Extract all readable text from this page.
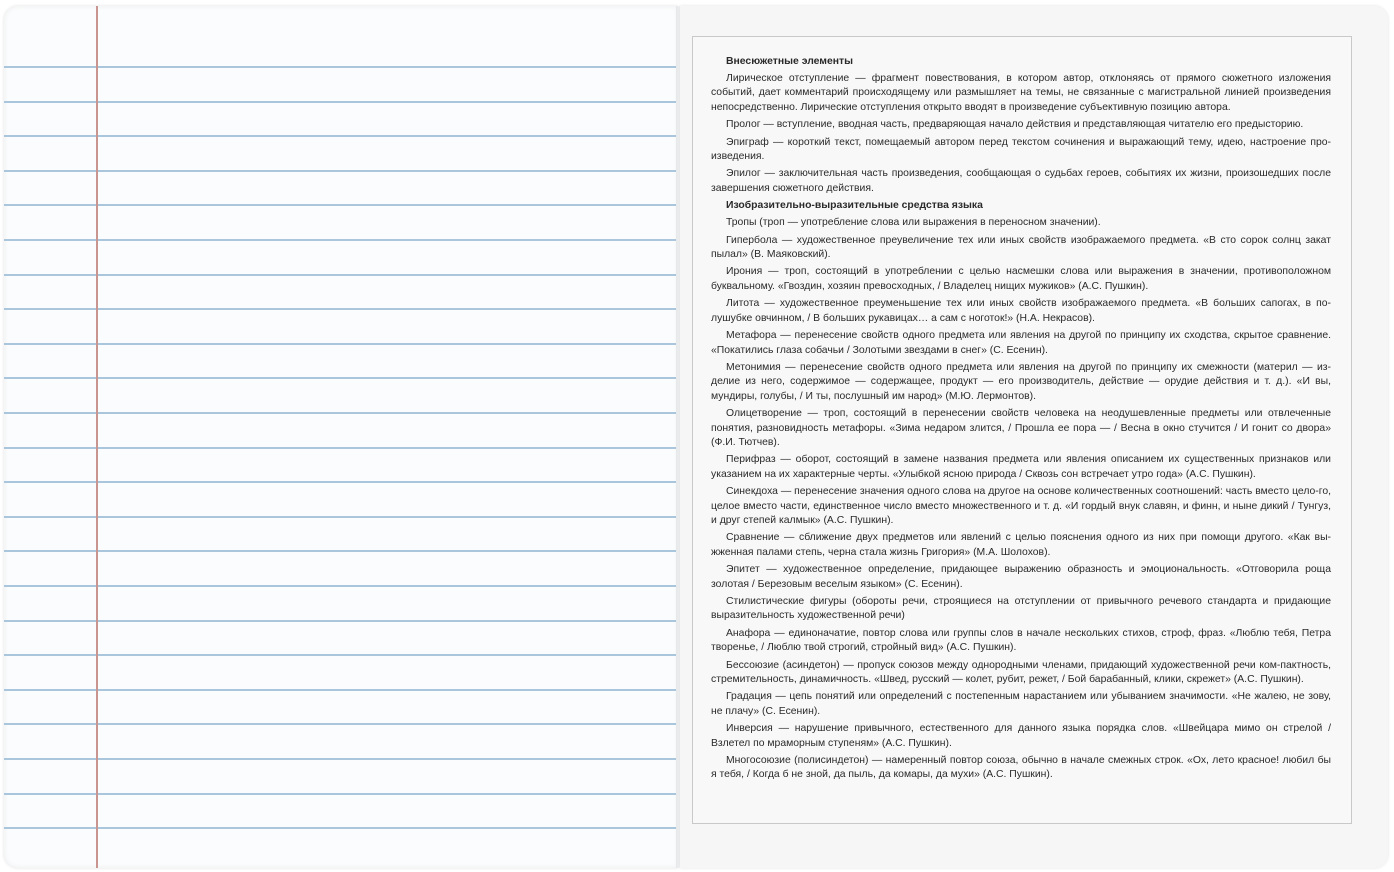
Внесюжетные элементы

Лирическое отступление — фрагмент повествования, в котором автор, отклоняясь от прямого сюжетного изложения событий, дает комментарий происходящему или размышляет на темы, не связанные с магистральной линией произведения непосредственно. Лирические отступления открыто вводят в произведение субъективную позицию автора.

Пролог — вступление, вводная часть, предваряющая начало действия и представляющая читателю его предысторию.

Эпиграф — короткий текст, помещаемый автором перед текстом сочинения и выражающий тему, идею, настроение про-изведения.

Эпилог — заключительная часть произведения, сообщающая о судьбах героев, событиях их жизни, произошедших после завершения сюжетного действия.

Изобразительно-выразительные средства языка

Тропы (троп — употребление слова или выражения в переносном значении).

Гипербола — художественное преувеличение тех или иных свойств изображаемого предмета. «В сто сорок солнц закат пылал» (В. Маяковский).

Ирония — троп, состоящий в употреблении с целью насмешки слова или выражения в значении, противоположном буквальному. «Гвоздин, хозяин превосходных, / Владелец нищих мужиков» (А.С. Пушкин).

Литота — художественное преуменьшение тех или иных свойств изображаемого предмета. «В больших сапогах, в по-лушубке овчинном, / В больших рукавицах… а сам с ноготок!» (Н.А. Некрасов).

Метафора — перенесение свойств одного предмета или явления на другой по принципу их сходства, скрытое сравнение. «Покатились глаза собачьи / Золотыми звездами в снег» (С. Есенин).

Метонимия — перенесение свойств одного предмета или явления на другой по принципу их смежности (материл — из-делие из него, содержимое — содержащее, продукт — его производитель, действие — орудие действия и т. д.). «И вы, мундиры, голубы, / И ты, послушный им народ» (М.Ю. Лермонтов).

Олицетворение — троп, состоящий в перенесении свойств человека на неодушевленные предметы или отвлеченные понятия, разновидность метафоры. «Зима недаром злится, / Прошла ее пора — / Весна в окно стучится / И гонит со двора» (Ф.И. Тютчев).

Перифраз — оборот, состоящий в замене названия предмета или явления описанием их существенных признаков или указанием на их характерные черты. «Улыбкой ясною природа / Сквозь сон встречает утро года» (А.С. Пушкин).

Синекдоха — перенесение значения одного слова на другое на основе количественных соотношений: часть вместо цело-го, целое вместо части, единственное число вместо множественного и т. д. «И гордый внук славян, и финн, и ныне дикий / Тунгуз, и друг степей калмык» (А.С. Пушкин).

Сравнение — сближение двух предметов или явлений с целью пояснения одного из них при помощи другого. «Как вы-жженная палами степь, черна стала жизнь Григория» (М.А. Шолохов).

Эпитет — художественное определение, придающее выражению образность и эмоциональность. «Отговорила роща золотая / Березовым веселым языком» (С. Есенин).

Стилистические фигуры (обороты речи, строящиеся на отступлении от привычного речевого стандарта и придающие выразительность художественной речи)

Анафора — единоначатие, повтор слова или группы слов в начале нескольких стихов, строф, фраз. «Люблю тебя, Петра творенье, / Люблю твой строгий, стройный вид» (А.С. Пушкин).

Бессоюзие (асиндетон) — пропуск союзов между однородными членами, придающий художественной речи ком-пактность, стремительность, динамичность. «Швед, русский — колет, рубит, режет, / Бой барабанный, клики, скрежет» (А.С. Пушкин).

Градация — цепь понятий или определений с постепенным нарастанием или убыванием значимости. «Не жалею, не зову, не плачу» (С. Есенин).

Инверсия — нарушение привычного, естественного для данного языка порядка слов. «Швейцара мимо он стрелой / Взлетел по мраморным ступеням» (А.С. Пушкин).

Многосоюзие (полисиндетон) — намеренный повтор союза, обычно в начале смежных строк. «Ох, лето красное! любил бы я тебя, / Когда б не зной, да пыль, да комары, да мухи» (А.С. Пушкин).
